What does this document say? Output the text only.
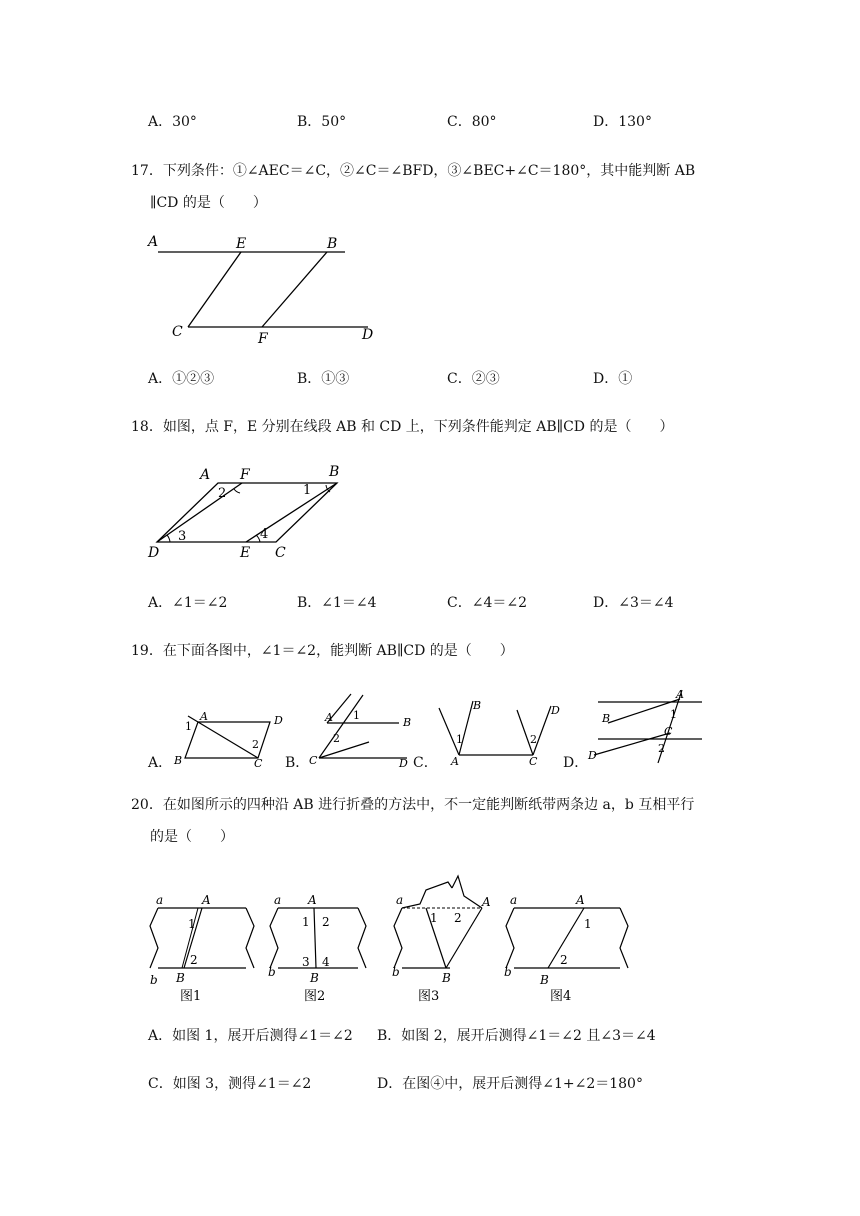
A．30°	B．50°	C．80°	D．130°
17．下列条件：①∠AEC＝∠C，②∠C＝∠BFD，③∠BEC+∠C＝180°，其中能判断 AB
∥CD 的是（　　）
A	E	B
C	F	D
A．①②③	B．①③	C．②③	D．①
18．如图，点 F，E 分别在线段 AB 和 CD 上，下列条件能判定 AB∥CD 的是（　　）
A F	B
D	E C
2	1
3	4
A．∠1＝∠2	B．∠1＝∠4	C．∠4＝∠2	D．∠3＝∠4
19．在下面各图中，∠1＝∠2，能判断 AB∥CD 的是（　　）
A．	B．	C．	D．
A	D
B	C
1
2
A	B
C	D
1
2
B	D
A	C
1	2
A
B
C
D
1
2
20．在如图所示的四种沿 AB 进行折叠的方法中，不一定能判断纸带两条边 a，b 互相平行
的是（　　）
a	A
b B
1
2
图1
a A
b	B
1 2
3 4
图2
a	A
b	B
1 2
图3
a	A
b
B
1
2
图4
A．如图 1，展开后测得∠1＝∠2 B．如图 2，展开后测得∠1＝∠2 且∠3＝∠4
C．如图 3，测得∠1＝∠2	D．在图④中，展开后测得∠1+∠2＝180°
